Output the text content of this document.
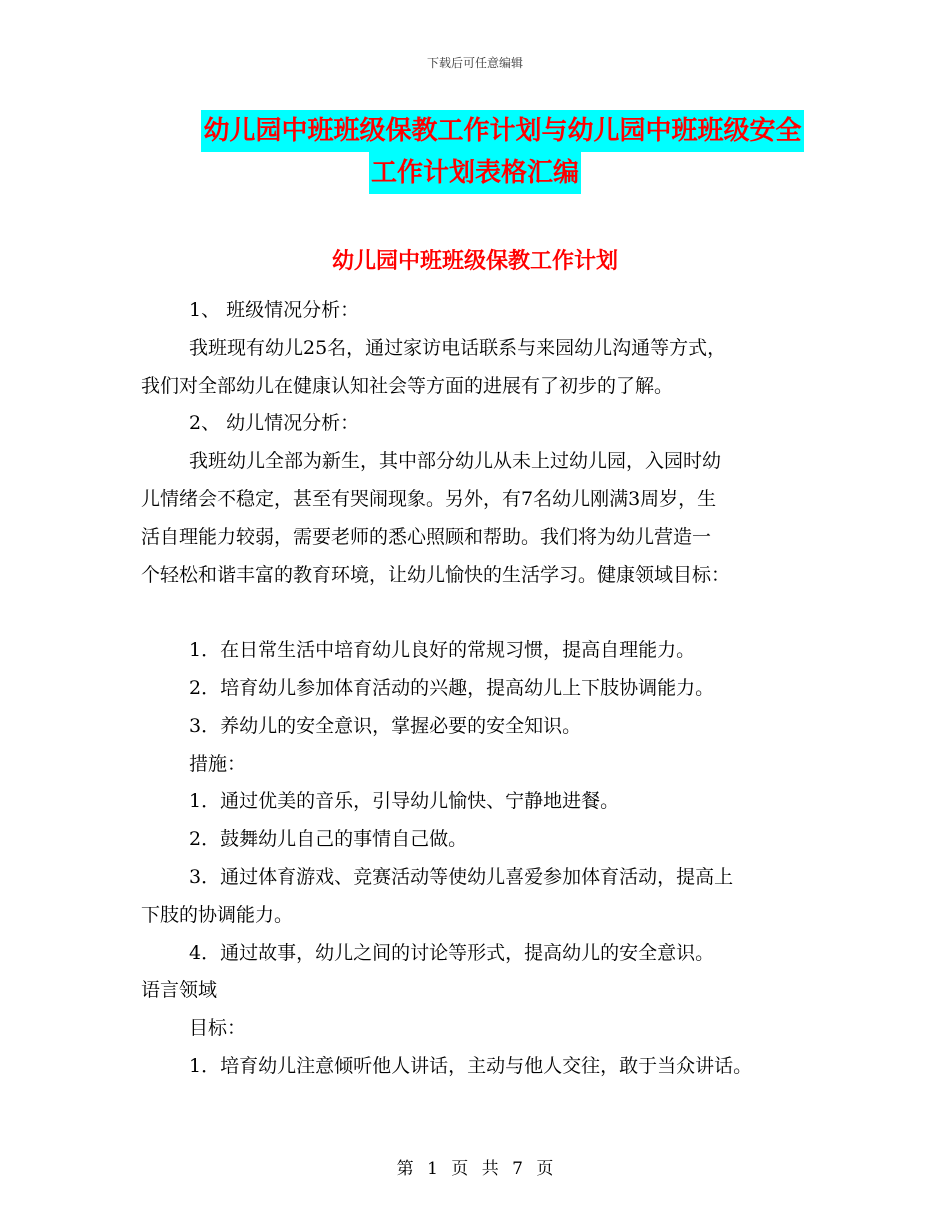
下载后可任意编辑
幼儿园中班班级保教工作计划与幼儿园中班班级安全
工作计划表格汇编
幼儿园中班班级保教工作计划

1、 班级情况分析：

我班现有幼儿25名，通过家访电话联系与来园幼儿沟通等方式，

我们对全部幼儿在健康认知社会等方面的进展有了初步的了解。

2、 幼儿情况分析：

我班幼儿全部为新生，其中部分幼儿从未上过幼儿园，入园时幼

儿情绪会不稳定，甚至有哭闹现象。另外，有7名幼儿刚满3周岁，生

活自理能力较弱，需要老师的悉心照顾和帮助。我们将为幼儿营造一

个轻松和谐丰富的教育环境，让幼儿愉快的生活学习。健康领域目标：

1．在日常生活中培育幼儿良好的常规习惯，提高自理能力。

2．培育幼儿参加体育活动的兴趣，提高幼儿上下肢协调能力。

3．养幼儿的安全意识，掌握必要的安全知识。

措施：

1．通过优美的音乐，引导幼儿愉快、宁静地进餐。

2．鼓舞幼儿自己的事情自己做。

3．通过体育游戏、竞赛活动等使幼儿喜爱参加体育活动，提高上

下肢的协调能力。

4．通过故事，幼儿之间的讨论等形式，提高幼儿的安全意识。

语言领域

目标：

1．培育幼儿注意倾听他人讲话，主动与他人交往，敢于当众讲话。

第 1 页 共 7 页
